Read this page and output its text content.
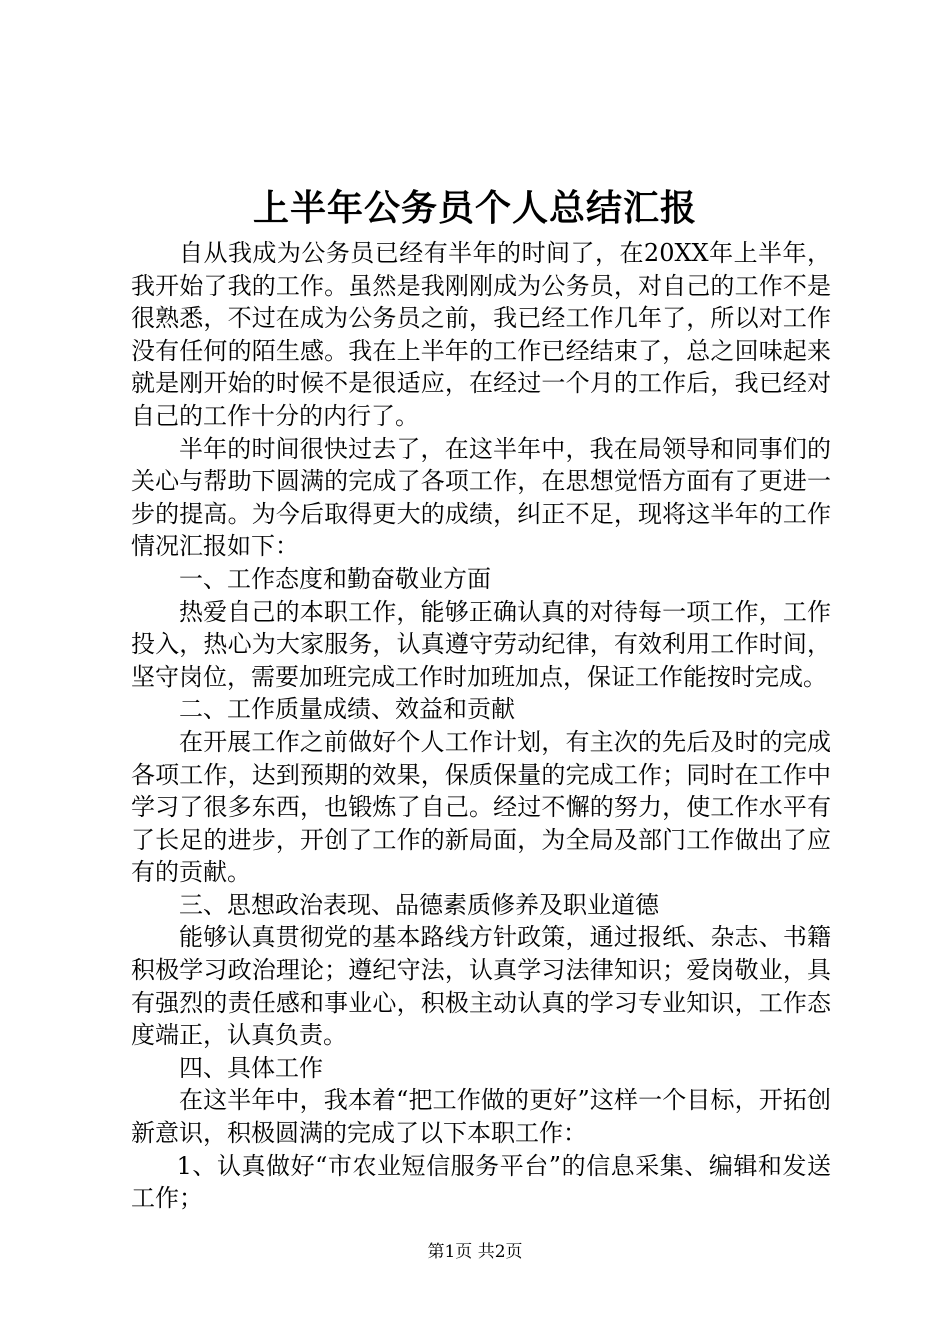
上半年公务员个人总结汇报

自从我成为公务员已经有半年的时间了，在20XX年上半年，我开始了我的工作。虽然是我刚刚成为公务员，对自己的工作不是很熟悉，不过在成为公务员之前，我已经工作几年了，所以对工作没有任何的陌生感。我在上半年的工作已经结束了，总之回味起来就是刚开始的时候不是很适应，在经过一个月的工作后，我已经对自己的工作十分的内行了。

半年的时间很快过去了，在这半年中，我在局领导和同事们的关心与帮助下圆满的完成了各项工作，在思想觉悟方面有了更进一步的提高。为今后取得更大的成绩，纠正不足，现将这半年的工作情况汇报如下：

一、工作态度和勤奋敬业方面

热爱自己的本职工作，能够正确认真的对待每一项工作，工作投入，热心为大家服务，认真遵守劳动纪律，有效利用工作时间，坚守岗位，需要加班完成工作时加班加点，保证工作能按时完成。

二、工作质量成绩、效益和贡献

在开展工作之前做好个人工作计划，有主次的先后及时的完成各项工作，达到预期的效果，保质保量的完成工作；同时在工作中学习了很多东西，也锻炼了自己。经过不懈的努力，使工作水平有了长足的进步，开创了工作的新局面，为全局及部门工作做出了应有的贡献。

三、思想政治表现、品德素质修养及职业道德

能够认真贯彻党的基本路线方针政策，通过报纸、杂志、书籍积极学习政治理论；遵纪守法，认真学习法律知识；爱岗敬业，具有强烈的责任感和事业心，积极主动认真的学习专业知识，工作态度端正，认真负责。

四、具体工作

在这半年中，我本着“把工作做的更好”这样一个目标，开拓创新意识，积极圆满的完成了以下本职工作：

1、认真做好“市农业短信服务平台”的信息采集、编辑和发送工作；

第1页 共2页
